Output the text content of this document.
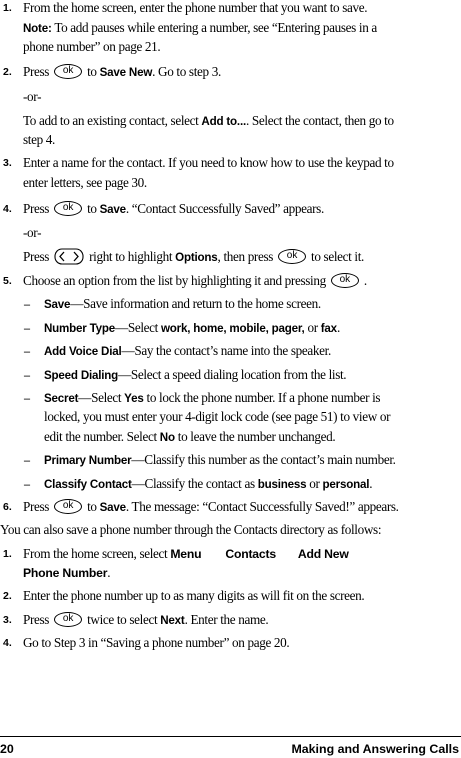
1. From the home screen, enter the phone number that you want to save.
Note: To add pauses while entering a number, see “Entering pauses in a
phone number” on page 21.
2. Press	ok	to Save New. Go to step 3.
-or-
To add to an existing contact, select Add to.... Select the contact, then go to
step 4.
3. Enter a name for the contact. If you need to know how to use the keypad to
enter letters, see page 30.
4. Press	ok	to Save. “Contact Successfully Saved” appears.
-or-
Press	right to highlight Options, then press	ok	to select it.
5. Choose an option from the list by highlighting it and pressing	ok	.
– Save—Save information and return to the home screen.
– Number Type—Select work, home, mobile, pager, or fax.
– Add Voice Dial—Say the contact’s name into the speaker.
– Speed Dialing—Select a speed dialing location from the list.
– Secret—Select Yes to lock the phone number. If a phone number is
locked, you must enter your 4-digit lock code (see page 51) to view or
edit the number. Select No to leave the number unchanged.
– Primary Number—Classify this number as the contact’s main number.
– Classify Contact—Classify the contact as business or personal.
6. Press	ok	to Save. The message: “Contact Successfully Saved!” appears.
You can also save a phone number through the Contacts directory as follows:
1. From the home screen, select Menu Contacts Add New
Phone Number.
2. Enter the phone number up to as many digits as will fit on the screen.
3. Press	ok	twice to select Next. Enter the name.
4. Go to Step 3 in “Saving a phone number” on page 20.
20	Making and Answering Calls
